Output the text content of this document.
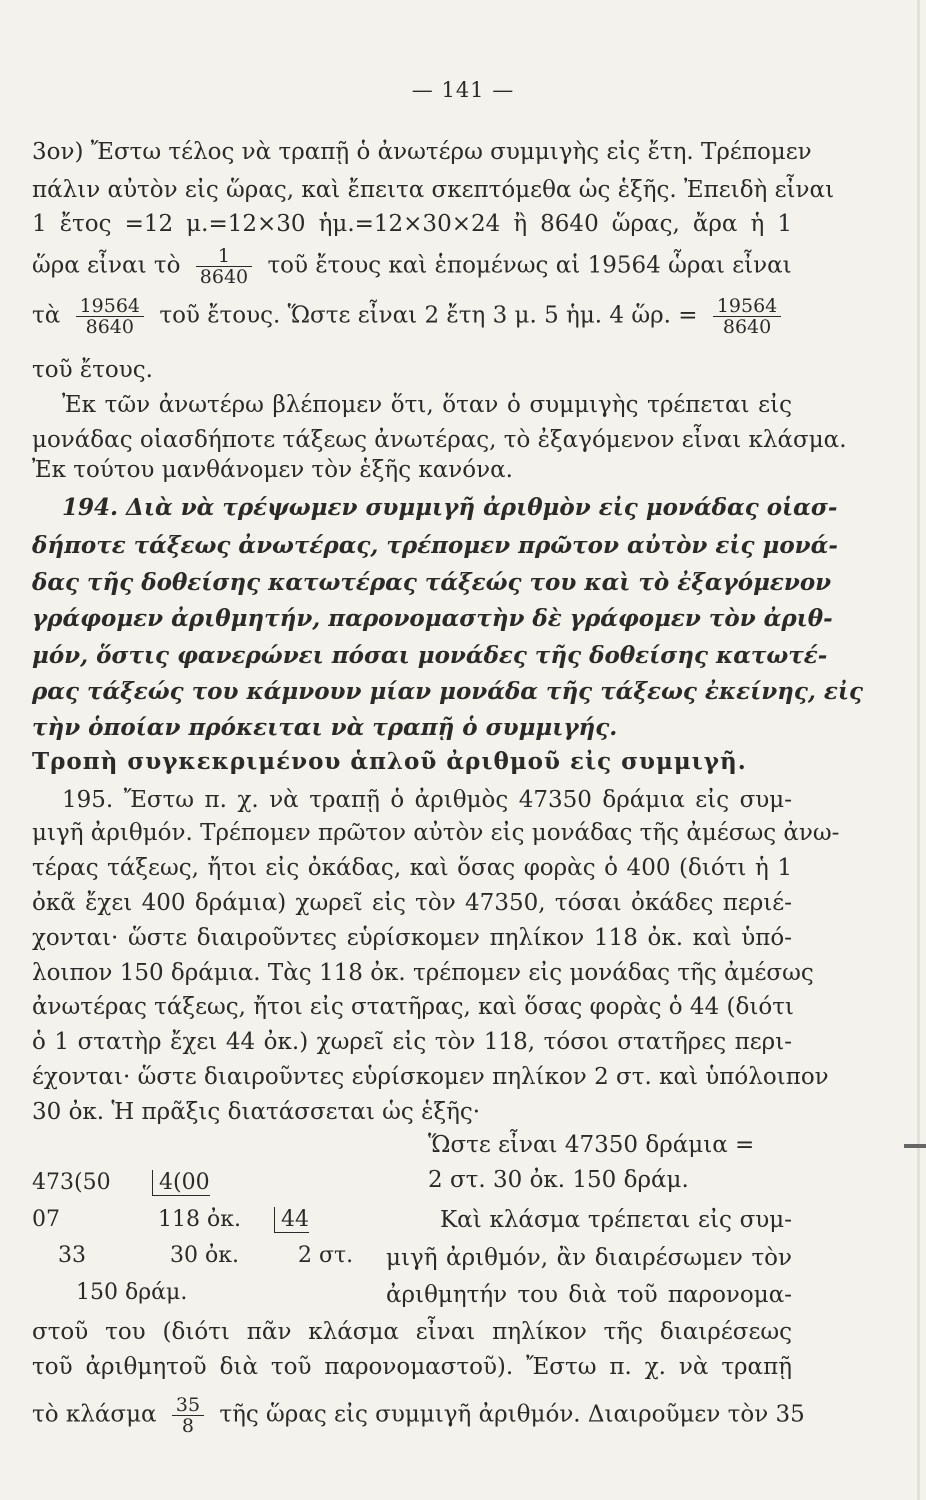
— 141 —
3ον) Ἔστω τέλος νὰ τραπῇ ὁ ἀνωτέρω συμμιγὴς εἰς ἔτη. Τρέπομεν
πάλιν αὐτὸν εἰς ὥρας, καὶ ἔπειτα σκεπτόμεθα ὡς ἑξῆς. Ἐπειδὴ εἶναι
1 ἔτος =12 μ.=12×30 ἡμ.=12×30×24 ἢ 8640 ὥρας, ἄρα ἡ 1
ὥρα εἶναι τὸ $\frac{1}{8640}$ τοῦ ἔτους καὶ ἑπομένως αἱ 19564 ὧραι εἶναι
τὰ $\frac{19564}{8640}$ τοῦ ἔτους. Ὥστε εἶναι 2 ἔτη 3 μ. 5 ἡμ. 4 ὥρ. = $\frac{19564}{8640}$
τοῦ ἔτους.
Ἐκ τῶν ἀνωτέρω βλέπομεν ὅτι, ὅταν ὁ συμμιγὴς τρέπεται εἰς
μονάδας οἱασδήποτε τάξεως ἀνωτέρας, τὸ ἐξαγόμενον εἶναι κλάσμα.
Ἐκ τούτου μανθάνομεν τὸν ἑξῆς κανόνα.
194. Διὰ νὰ τρέψωμεν συμμιγῆ ἀριθμὸν εἰς μονάδας οἱασ-
δήποτε τάξεως ἀνωτέρας, τρέπομεν πρῶτον αὐτὸν εἰς μονά-
δας τῆς δοθείσης κατωτέρας τάξεώς του καὶ τὸ ἐξαγόμενον
γράφομεν ἀριθμητήν, παρονομαστὴν δὲ γράφομεν τὸν ἀριθ-
μόν, ὅστις φανερώνει πόσαι μονάδες τῆς δοθείσης κατωτέ-
ρας τάξεώς του κάμνουν μίαν μονάδα τῆς τάξεως ἐκείνης, εἰς
τὴν ὁποίαν πρόκειται νὰ τραπῇ ὁ συμμιγής.
Τροπὴ συγκεκριμένου ἁπλοῦ ἀριθμοῦ εἰς συμμιγῆ.
195. Ἔστω π. χ. νὰ τραπῇ ὁ ἀριθμὸς 47350 δράμια εἰς συμ-
μιγῆ ἀριθμόν. Τρέπομεν πρῶτον αὐτὸν εἰς μονάδας τῆς ἀμέσως ἀνω-
τέρας τάξεως, ἤτοι εἰς ὀκάδας, καὶ ὅσας φορὰς ὁ 400 (διότι ἡ 1
ὀκᾶ ἔχει 400 δράμια) χωρεῖ εἰς τὸν 47350, τόσαι ὀκάδες περιέ-
χονται· ὥστε διαιροῦντες εὑρίσκομεν πηλίκον 118 ὀκ. καὶ ὑπό-
λοιπον 150 δράμια. Τὰς 118 ὀκ. τρέπομεν εἰς μονάδας τῆς ἀμέσως
ἀνωτέρας τάξεως, ἤτοι εἰς στατῆρας, καὶ ὅσας φορὰς ὁ 44 (διότι
ὁ 1 στατὴρ ἔχει 44 ὀκ.) χωρεῖ εἰς τὸν 118, τόσοι στατῆρες περι-
έχονται· ὥστε διαιροῦντες εὑρίσκομεν πηλίκον 2 στ. καὶ ὑπόλοιπον
30 ὀκ. Ἡ πρᾶξις διατάσσεται ὡς ἑξῆς·
Ὥστε εἶναι 47350 δράμια =
2 στ. 30 ὀκ. 150 δράμ.
473(50	4(00
07	118 ὀκ.	44
33	30 ὀκ.	2 στ.
150 δράμ.
Καὶ κλάσμα τρέπεται εἰς συμ-
μιγῆ ἀριθμόν, ἂν διαιρέσωμεν τὸν
ἀριθμητήν του διὰ τοῦ παρονομα-
στοῦ του (διότι πᾶν κλάσμα εἶναι πηλίκον τῆς διαιρέσεως
τοῦ ἀριθμητοῦ διὰ τοῦ παρονομαστοῦ). Ἔστω π. χ. νὰ τραπῇ
τὸ κλάσμα $\frac{35}{8}$ τῆς ὥρας εἰς συμμιγῆ ἀριθμόν. Διαιροῦμεν τὸν 35
